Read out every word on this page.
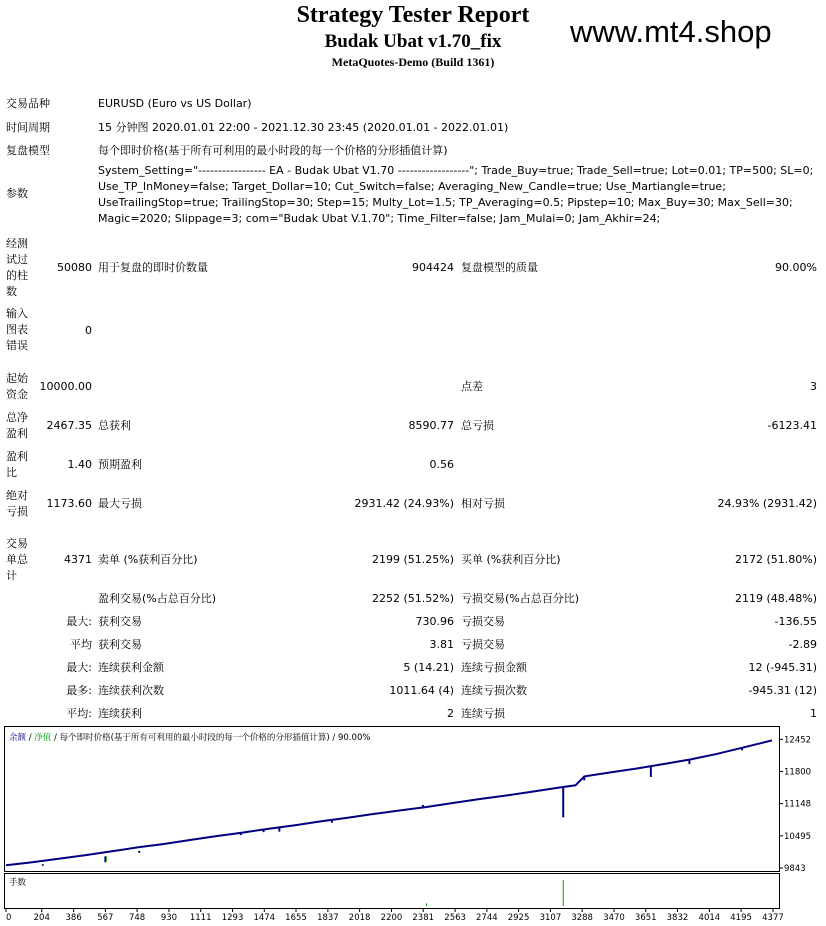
Strategy Tester Report
Budak Ubat v1.70_fix
MetaQuotes-Demo (Build 1361)
www.mt4.shop
交易品种	EURUSD (Euro vs US Dollar)
时间周期	15 分钟图 2020.01.01 22:00 - 2021.12.30 23:45 (2020.01.01 - 2022.01.01)
复盘模型	每个即时价格(基于所有可利用的最小时段的每一个价格的分形插值计算)
参数
System_Setting="----------------- EA - Budak Ubat V1.70 ------------------"; Trade_Buy=true; Trade_Sell=true; Lot=0.01; TP=500; SL=0; Use_TP_InMoney=false; Target_Dollar=10; Cut_Switch=false; Averaging_New_Candle=true; Use_Martiangle=true; UseTrailingStop=true; TrailingStop=30; Step=15; Multy_Lot=1.5; TP_Averaging=0.5; Pipstep=10; Max_Buy=30; Max_Sell=30; Magic=2020; Slippage=3; com="Budak Ubat V.1.70"; Time_Filter=false; Jam_Mulai=0; Jam_Akhir=24;
经测试过的柱数
50080 用于复盘的即时价数量	904424 复盘模型的质量	90.00%
输入图表错误
0
起始资金
10000.00	点差	3
总净盈利
2467.35 总获利	8590.77 总亏损	-6123.41
盈利比
1.40 预期盈利	0.56
绝对亏损
1173.60 最大亏损	2931.42 (24.93%) 相对亏损	24.93% (2931.42)
交易单总计
4371 卖单 (%获利百分比)	2199 (51.25%) 买单 (%获利百分比)	2172 (51.80%)
盈利交易(%占总百分比)	2252 (51.52%) 亏损交易(%占总百分比)	2119 (48.48%)
最大: 获利交易	730.96 亏损交易	-136.55
平均 获利交易	3.81 亏损交易	-2.89
最大: 连续获利金额	5 (14.21) 连续亏损金额	12 (-945.31)
最多: 连续获利次数	1011.64 (4) 连续亏损次数	-945.31 (12)
平均: 连续获利	2 连续亏损	1
12452
11800
11148
10495
9843
0	204 386 567 748 930 1111 1293 1474 1655 1837 2018 2200 2381 2563 2744 2925 3107 3288 3470 3651 3832 4014 4195 4377
余额 / 净值 / 每个即时价格(基于所有可利用的最小时段的每一个价格的分形插值计算) / 90.00%
手数
